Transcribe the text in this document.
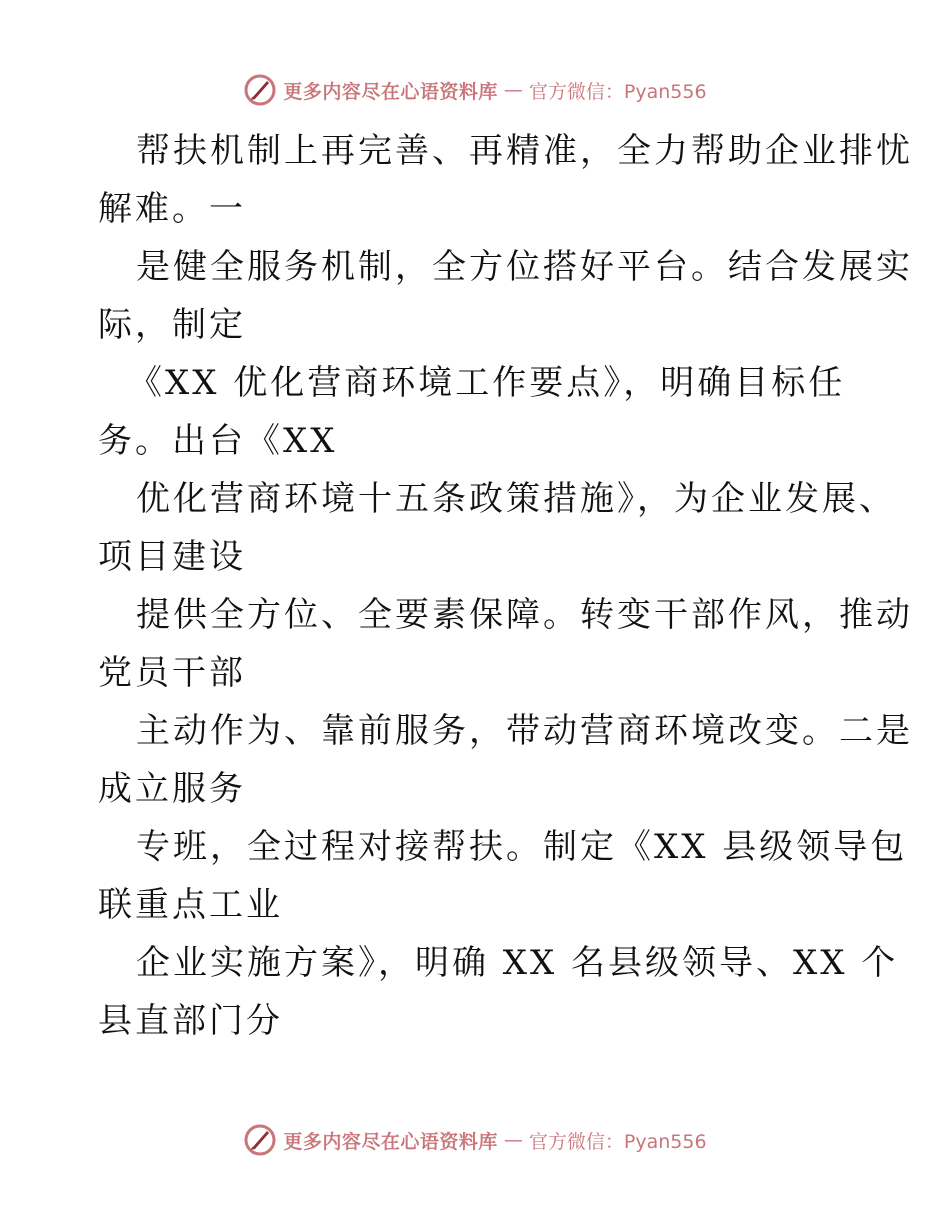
更多内容尽在心语资料库 — 官方微信：Pyan556
帮扶机制上再完善、再精准，全力帮助企业排忧
解难。一
是健全服务机制，全方位搭好平台。结合发展实
际，制定
《XX 优化营商环境工作要点》，明确目标任
务。出台《XX
优化营商环境十五条政策措施》，为企业发展、
项目建设
提供全方位、全要素保障。转变干部作风，推动
党员干部
主动作为、靠前服务，带动营商环境改变。二是
成立服务
专班，全过程对接帮扶。制定《XX 县级领导包
联重点工业
企业实施方案》，明确 XX 名县级领导、XX 个
县直部门分
更多内容尽在心语资料库 — 官方微信：Pyan556
